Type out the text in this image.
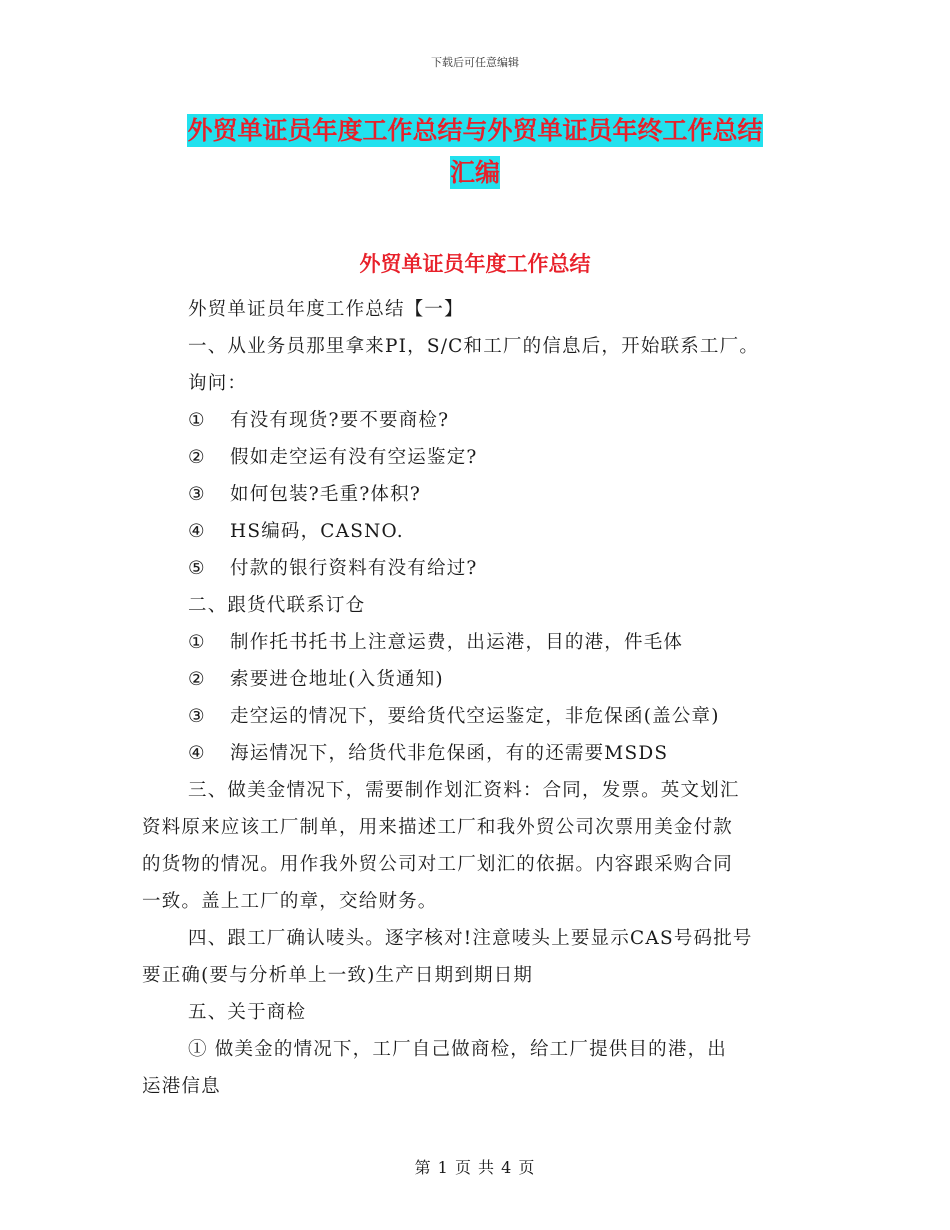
下载后可任意编辑
外贸单证员年度工作总结与外贸单证员年终工作总结
汇编
外贸单证员年度工作总结

外贸单证员年度工作总结【一】

一、从业务员那里拿来PI，S/C和工厂的信息后，开始联系工厂。

询问：

① 有没有现货?要不要商检?

② 假如走空运有没有空运鉴定?

③ 如何包装?毛重?体积?

④ HS编码，CASNO.

⑤ 付款的银行资料有没有给过?

二、跟货代联系订仓

① 制作托书托书上注意运费，出运港，目的港，件毛体

② 索要进仓地址(入货通知)

③ 走空运的情况下，要给货代空运鉴定，非危保函(盖公章)

④ 海运情况下，给货代非危保函，有的还需要MSDS

三、做美金情况下，需要制作划汇资料：合同，发票。英文划汇

资料原来应该工厂制单，用来描述工厂和我外贸公司次票用美金付款

的货物的情况。用作我外贸公司对工厂划汇的依据。内容跟采购合同

一致。盖上工厂的章，交给财务。

四、跟工厂确认唛头。逐字核对!注意唛头上要显示CAS号码批号

要正确(要与分析单上一致)生产日期到期日期

五、关于商检

① 做美金的情况下，工厂自己做商检，给工厂提供目的港，出

运港信息

第 1 页 共 4 页
